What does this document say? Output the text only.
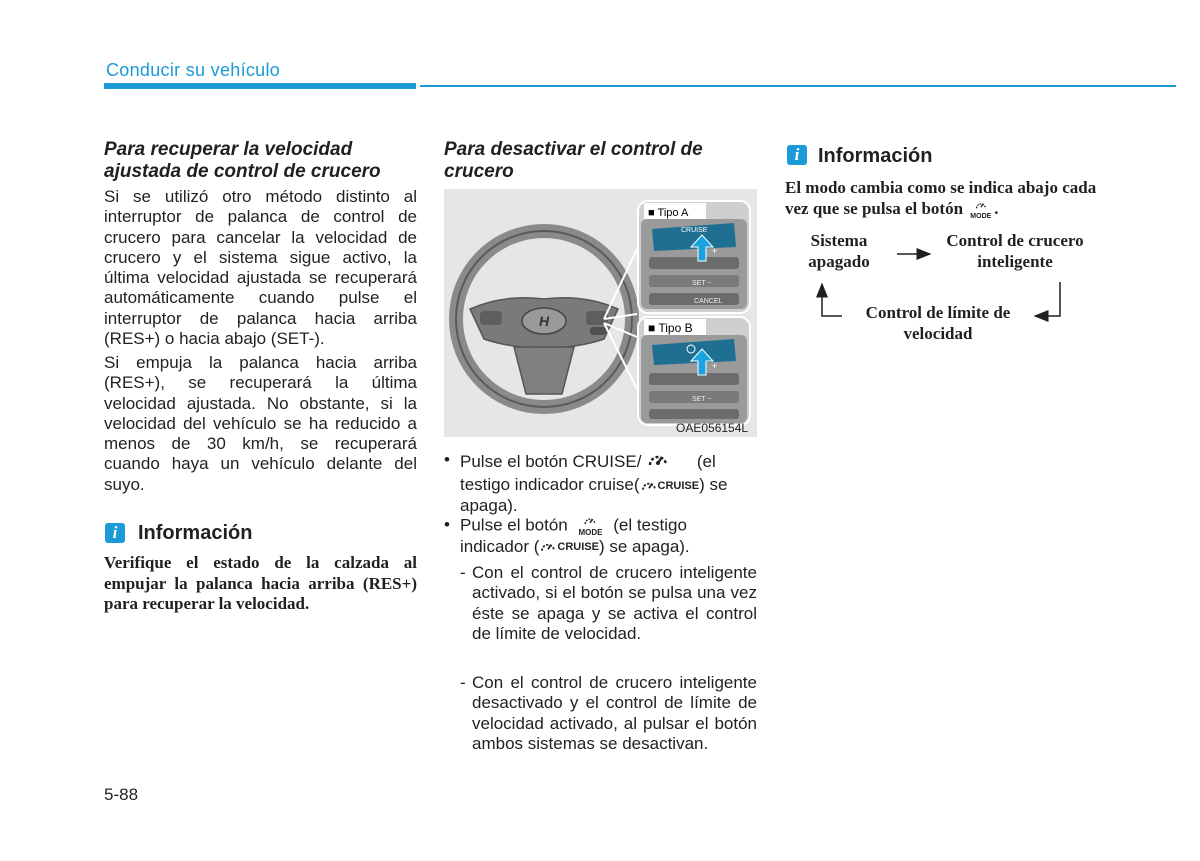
Conducir su vehículo
Para recuperar la velocidad ajustada de control de crucero
Si se utilizó otro método distinto al interruptor de palanca de control de crucero para cancelar la velocidad de crucero y el sistema sigue activo, la última velocidad ajustada se recuperará automáticamente cuando pulse el interruptor de palanca hacia arriba (RES+) o hacia abajo (SET-).
Si empuja la palanca hacia arriba (RES+), se recuperará la última velocidad ajustada. No obstante, si la velocidad del vehículo se ha reducido a menos de 30 km/h, se recuperará cuando haya un vehículo delante del suyo.
i	Información
Verifique el estado de la calzada al empujar la palanca hacia arriba (RES+) para recuperar la velocidad.
Para desactivar el control de crucero
H
■ Tipo A
CRUISE
+
SET −
CANCEL
■ Tipo B
+
SET −
OAE056154L
• Pulse el botón CRUISE/	(el testigo indicador cruise( CRUISE) se apaga).
• Pulse el botón MODE (el testigo indicador ( CRUISE) se apaga).
- Con el control de crucero inteligente activado, si el botón se pulsa una vez éste se apaga y se activa el control de límite de velocidad.
- Con el control de crucero inteligente desactivado y el control de límite de velocidad activado, al pulsar el botón ambos sistemas se desactivan.
i Información
El modo cambia como se indica abajo cada vez que se pulsa el botón MODE .
Sistema apagado
Control de crucero inteligente
Control de límite de velocidad
5-88
